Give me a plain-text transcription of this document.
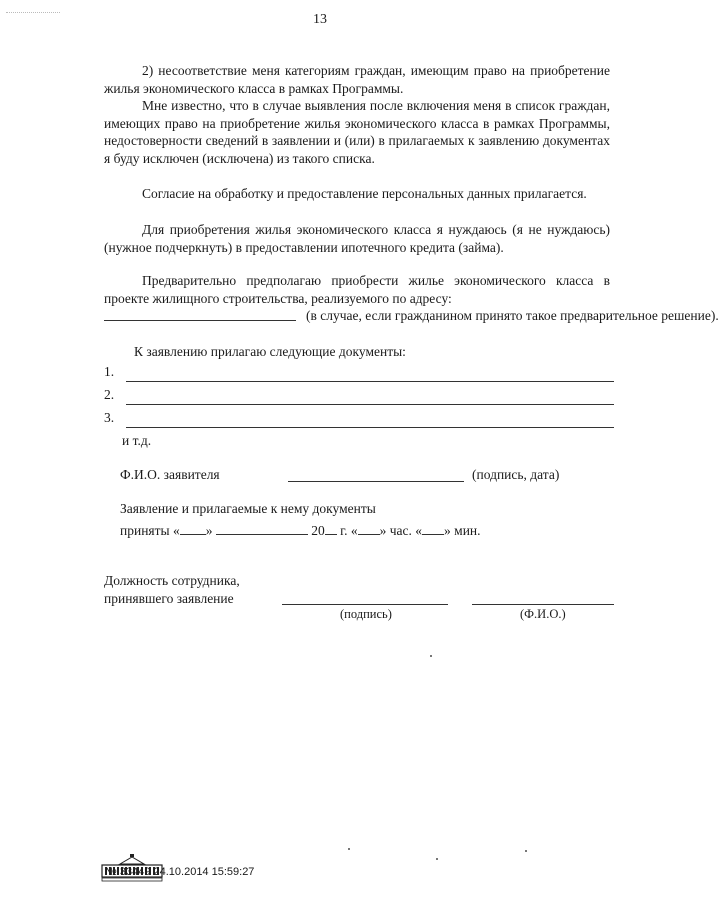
13

2) несоответствие меня категориям граждан, имеющим право на приобретение жилья экономического класса в рамках Программы.

Мне известно, что в случае выявления после включения меня в список граждан, имеющих право на приобретение жилья экономического класса в рамках Программы, недостоверности сведений в заявлении и (или) в прилагаемых к заявлению документах я буду исключен (исключена) из такого списка.

Согласие на обработку и предоставление персональных данных прилагается.

Для приобретения жилья экономического класса я нуждаюсь (я не нуждаюсь) (нужное подчеркнуть) в предоставлении ипотечного кредита (займа).

Предварительно предполагаю приобрести жилье экономического класса в проекте жилищного строительства, реализуемого по адресу:

(в случае, если гражданином принято такое предварительное решение).
К заявлению прилагаю следующие документы:
1.
2.
3.
и т.д.
Ф.И.О. заявителя	(подпись, дата)
Заявление и прилагаемые к нему документы
приняты « »	20 г. « » час. « » мин.
Должность сотрудника,
принявшего заявление
(подпись)	(Ф.И.О.)
№ 33449 24.10.2014 15:59:27
